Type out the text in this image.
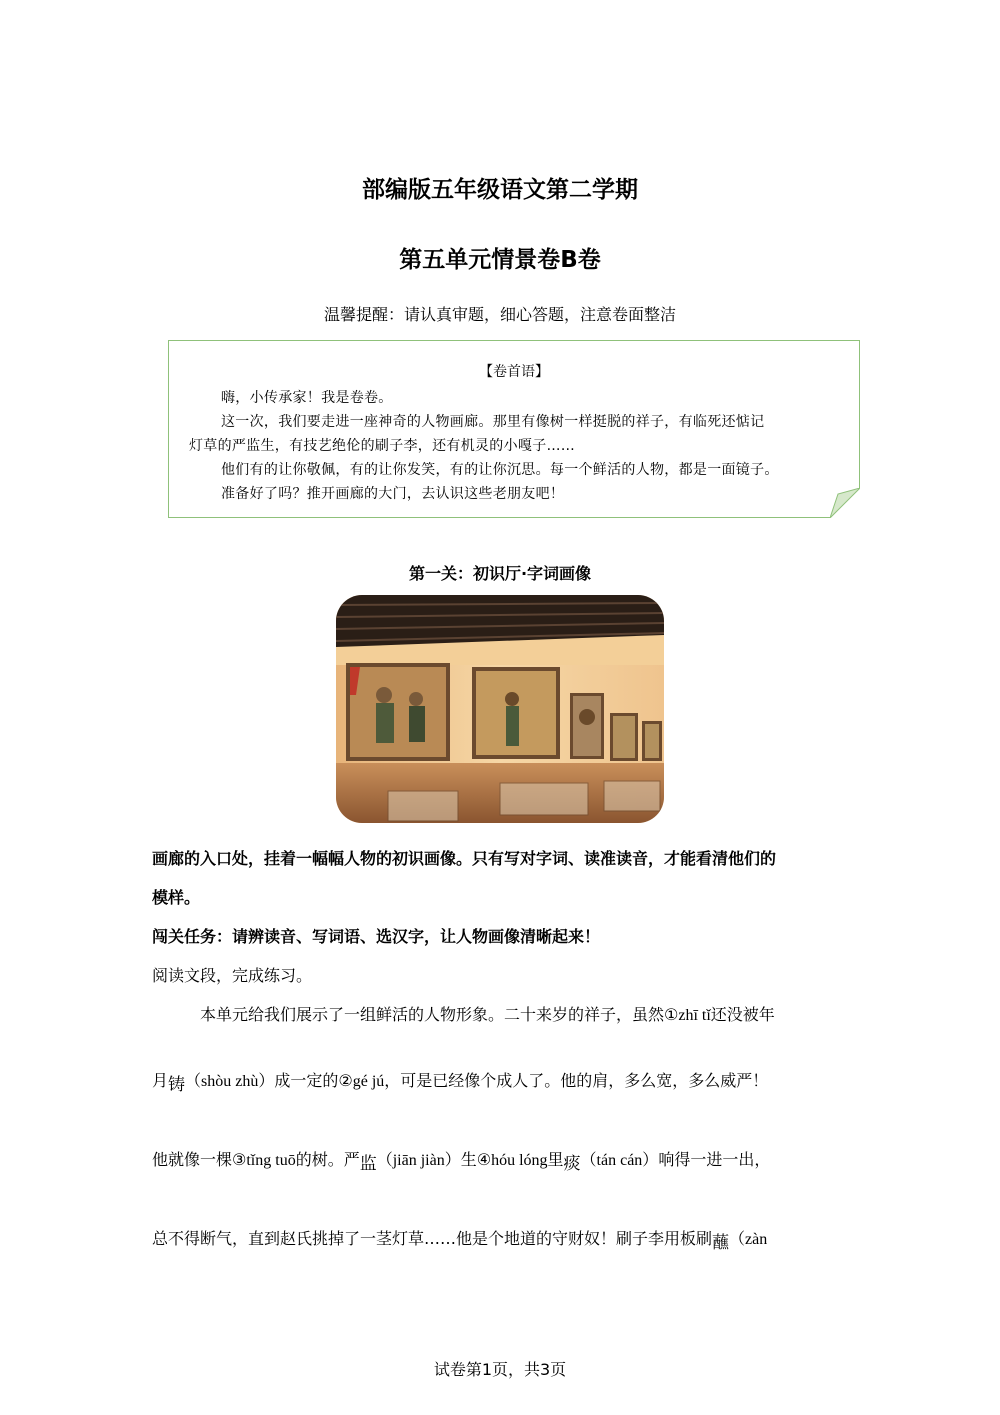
部编版五年级语文第二学期
第五单元情景卷B卷
温馨提醒：请认真审题，细心答题，注意卷面整洁
【卷首语】

嗨，小传承家！我是卷卷。

这一次，我们要走进一座神奇的人物画廊。那里有像树一样挺脱的祥子，有临死还惦记

灯草的严监生，有技艺绝伦的刷子李，还有机灵的小嘎子……

他们有的让你敬佩，有的让你发笑，有的让你沉思。每一个鲜活的人物，都是一面镜子。

准备好了吗？推开画廊的大门，去认识这些老朋友吧！

第一关：初识厅·字词画像
画廊的入口处，挂着一幅幅人物的初识画像。只有写对字词、读准读音，才能看清他们的
模样。
闯关任务：请辨读音、写词语、选汉字，让人物画像清晰起来！
阅读文段，完成练习。
本单元给我们展示了一组鲜活的人物形象。二十来岁的祥子，虽然①zhī tǐ还没被年
月铸（shòu zhù）成一定的②gé jú，可是已经像个成人了。他的肩，多么宽，多么威严！
他就像一棵③tǐng tuō的树。严监（jiān jiàn）生④hóu lóng里痰（tán cán）响得一进一出，
总不得断气，直到赵氏挑掉了一茎灯草……他是个地道的守财奴！刷子李用板刷蘸（zàn
试卷第1页，共3页
